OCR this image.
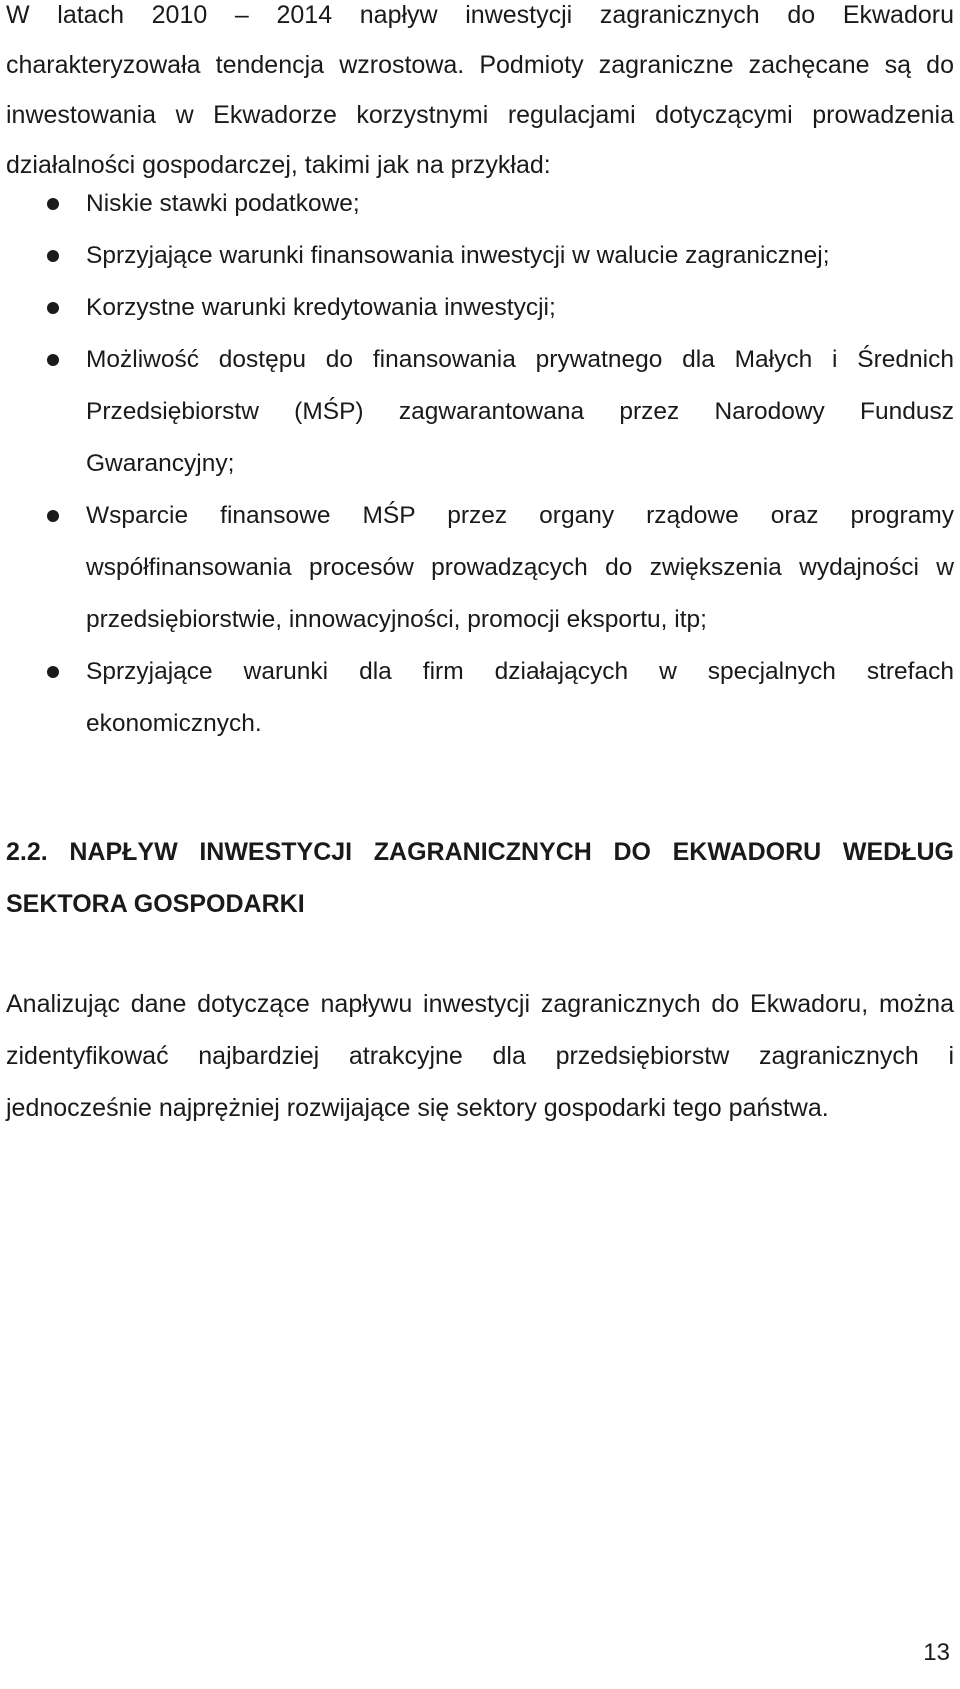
W latach 2010 – 2014 napływ inwestycji zagranicznych do Ekwadoru charakteryzowała tendencja wzrostowa. Podmioty zagraniczne zachęcane są do inwestowania w Ekwadorze korzystnymi regulacjami dotyczącymi prowadzenia działalności gospodarczej, takimi jak na przykład:

Niskie stawki podatkowe;
Sprzyjające warunki finansowania inwestycji w walucie zagranicznej;
Korzystne warunki kredytowania inwestycji;
Możliwość dostępu do finansowania prywatnego dla Małych i Średnich Przedsiębiorstw (MŚP) zagwarantowana przez Narodowy Fundusz Gwarancyjny;
Wsparcie finansowe MŚP przez organy rządowe oraz programy współfinansowania procesów prowadzących do zwiększenia wydajności w przedsiębiorstwie, innowacyjności, promocji eksportu, itp;
Sprzyjające warunki dla firm działających w specjalnych strefach ekonomicznych.
2.2. NAPŁYW INWESTYCJI ZAGRANICZNYCH DO EKWADORU WEDŁUG SEKTORA GOSPODARKI

Analizując dane dotyczące napływu inwestycji zagranicznych do Ekwadoru, można zidentyfikować najbardziej atrakcyjne dla przedsiębiorstw zagranicznych i jednocześnie najprężniej rozwijające się sektory gospodarki tego państwa.

13
